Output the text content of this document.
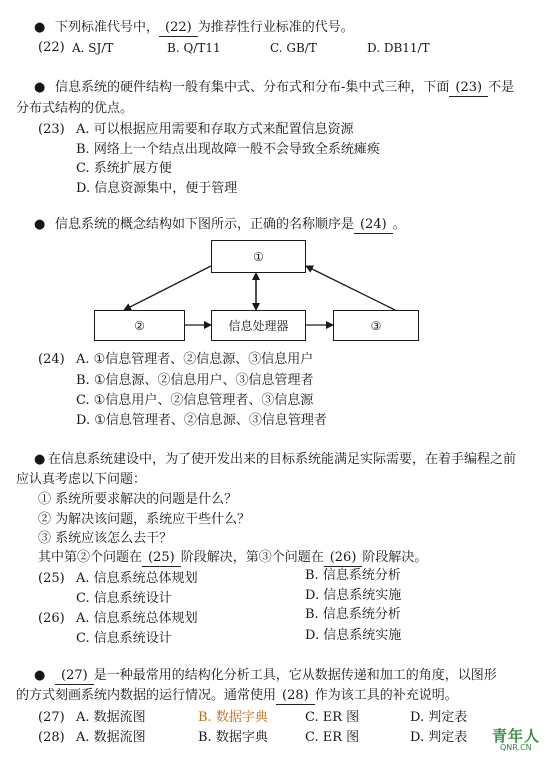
● 下列标准代号中， (22) 为推荐性行业标准的代号。
(22) A. SJ/T	B. Q/T11	C. GB/T	D. DB11/T
● 信息系统的硬件结构一般有集中式、分布式和分布-集中式三种，下面 (23) 不是
分布式结构的优点。
(23) A. 可以根据应用需要和存取方式来配置信息资源
B. 网络上一个结点出现故障一般不会导致全系统瘫痪
C. 系统扩展方便
D. 信息资源集中，便于管理
● 信息系统的概念结构如下图所示，正确的名称顺序是 (24) 。
①
②	信息处理器	③
(24) A. ①信息管理者、②信息源、③信息用户
B. ①信息源、②信息用户、③信息管理者
C. ①信息用户、②信息管理者、③信息源
D. ①信息管理者、②信息源、③信息管理者
● 在信息系统建设中，为了使开发出来的目标系统能满足实际需要，在着手编程之前
应认真考虑以下问题：
① 系统所要求解决的问题是什么？
② 为解决该问题，系统应干些什么？
③ 系统应该怎么去干？
其中第②个问题在 (25) 阶段解决，第③个问题在 (26) 阶段解决。
(25) A. 信息系统总体规划	B. 信息系统分析
C. 信息系统设计	D. 信息系统实施
(26) A. 信息系统总体规划	B. 信息系统分析
C. 信息系统设计	D. 信息系统实施
●	(27) 是一种最常用的结构化分析工具，它从数据传递和加工的角度，以图形
的方式刻画系统内数据的运行情况。通常使用 (28) 作为该工具的补充说明。
(27) A. 数据流图	B. 数据字典	C. ER 图	D. 判定表
(28) A. 数据流图	B. 数据字典	C. ER 图	D. 判定表 青年人
QNR.CN
